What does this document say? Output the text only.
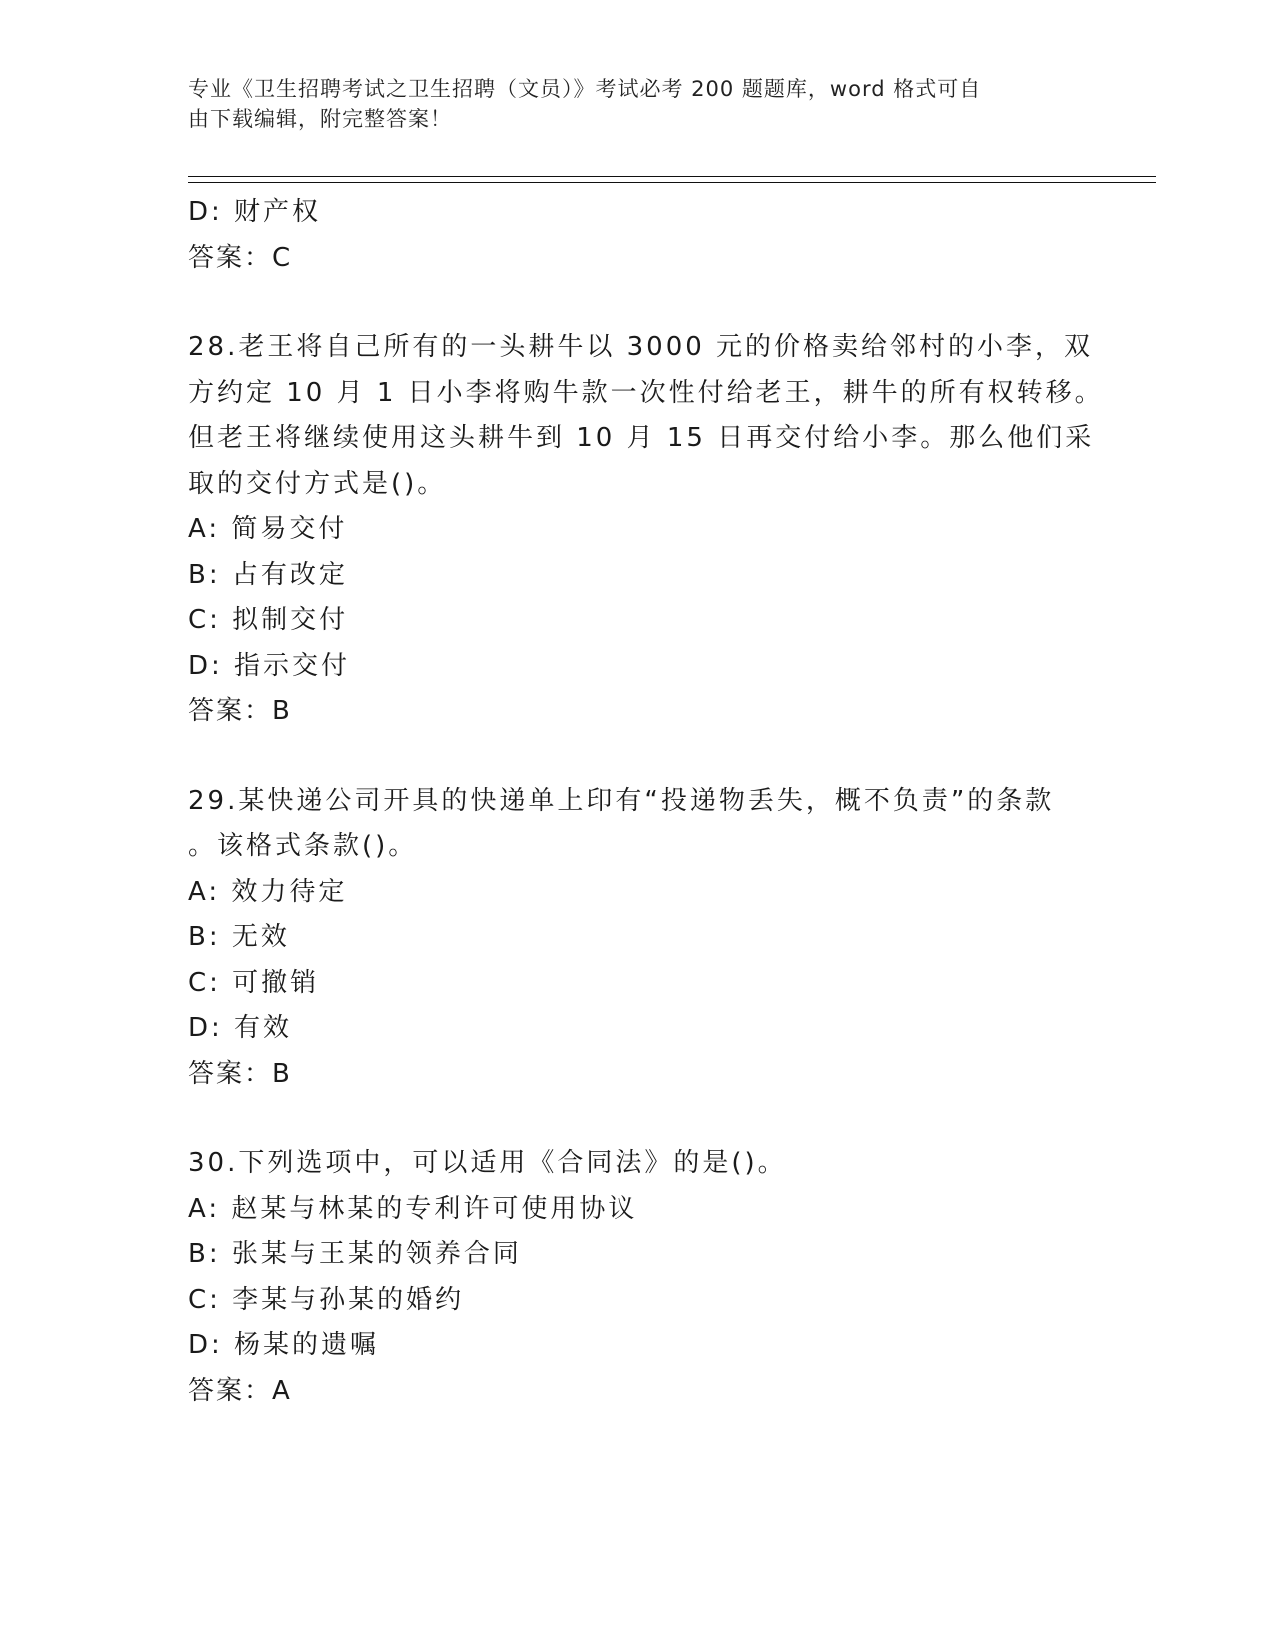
专业《卫生招聘考试之卫生招聘（文员）》考试必考 200 题题库，word 格式可自
由下载编辑，附完整答案！
D: 财产权
答案：C
28.老王将自己所有的一头耕牛以 3000 元的价格卖给邻村的小李，双
方约定 10 月 1 日小李将购牛款一次性付给老王，耕牛的所有权转移。
但老王将继续使用这头耕牛到 10 月 15 日再交付给小李。那么他们采
取的交付方式是()。
A: 简易交付
B: 占有改定
C: 拟制交付
D: 指示交付
答案：B
29.某快递公司开具的快递单上印有“投递物丢失，概不负责”的条款
。该格式条款()。
A: 效力待定
B: 无效
C: 可撤销
D: 有效
答案：B
30.下列选项中，可以适用《合同法》的是()。
A: 赵某与林某的专利许可使用协议
B: 张某与王某的领养合同
C: 李某与孙某的婚约
D: 杨某的遗嘱
答案：A
